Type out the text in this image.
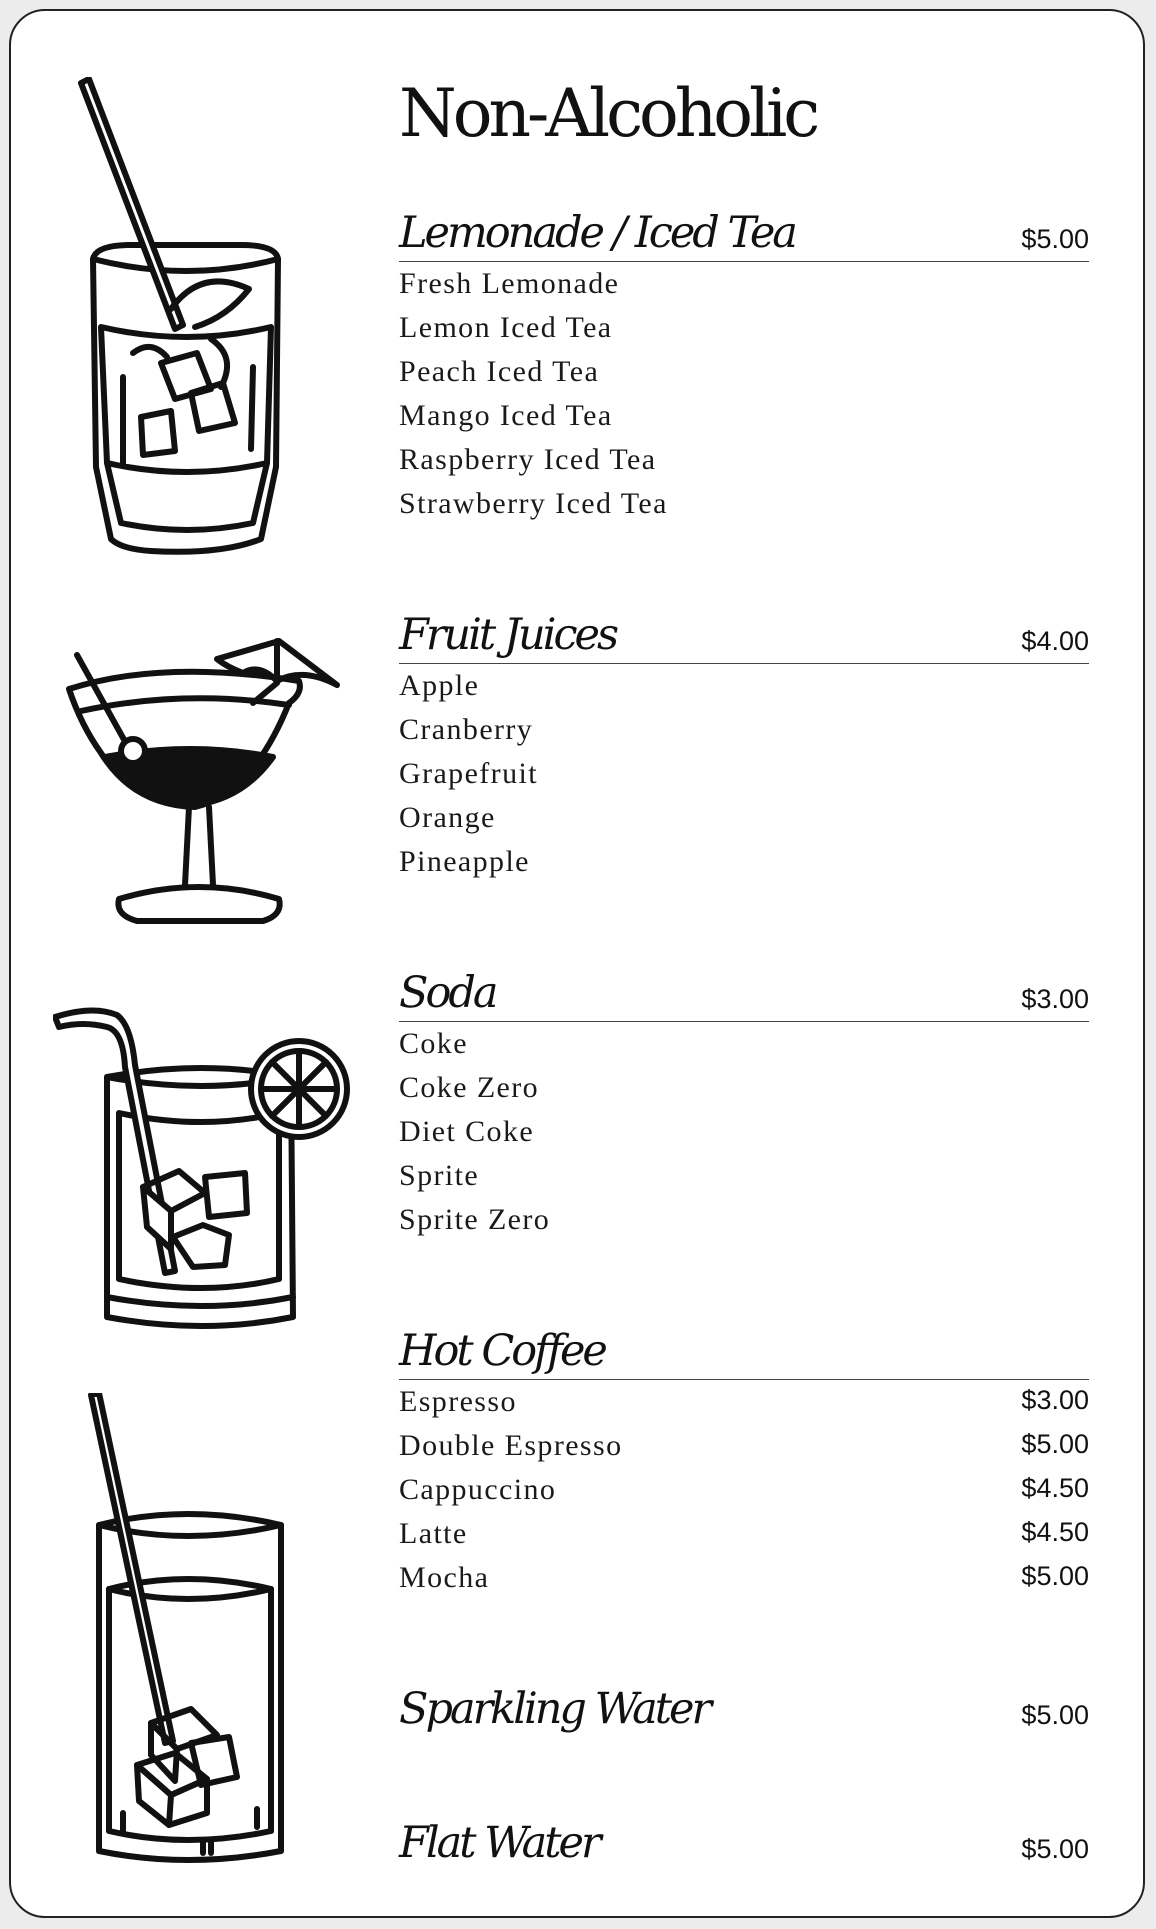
Non-Alcoholic
Lemonade / Iced Tea	$5.00
Fresh Lemonade
Lemon Iced Tea
Peach Iced Tea
Mango Iced Tea
Raspberry Iced Tea
Strawberry Iced Tea
Fruit Juices	$4.00
Apple
Cranberry
Grapefruit
Orange
Pineapple
Soda	$3.00
Coke
Coke Zero
Diet Coke
Sprite
Sprite Zero
Hot Coffee
Espresso	$3.00
Double Espresso	$5.00
Cappuccino	$4.50
Latte	$4.50
Mocha	$5.00
Sparkling Water	$5.00
Flat Water	$5.00
